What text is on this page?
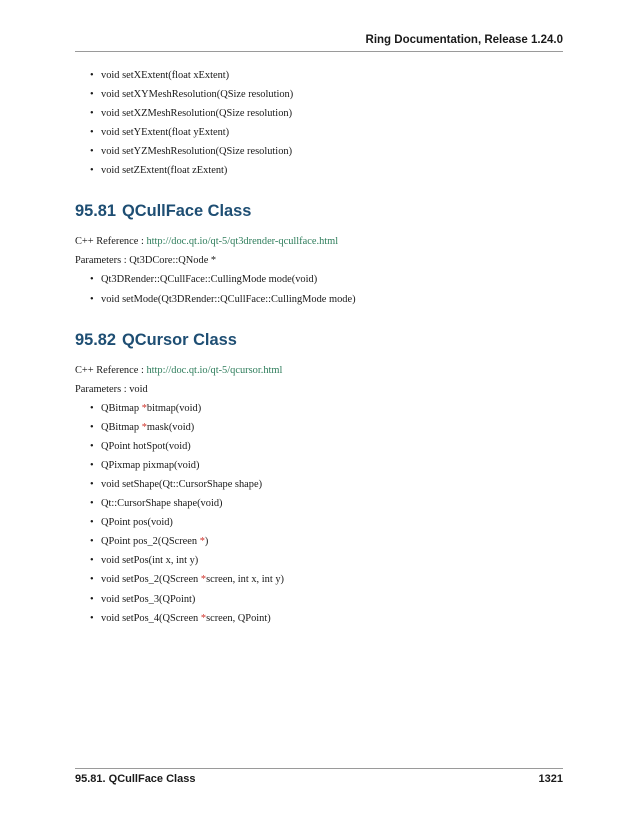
Ring Documentation, Release 1.24.0
• void setXExtent(float xExtent)
• void setXYMeshResolution(QSize resolution)
• void setXZMeshResolution(QSize resolution)
• void setYExtent(float yExtent)
• void setYZMeshResolution(QSize resolution)
• void setZExtent(float zExtent)
95.81 QCullFace Class

C++ Reference : http://doc.qt.io/qt-5/qt3drender-qcullface.html

Parameters : Qt3DCore::QNode *

• Qt3DRender::QCullFace::CullingMode mode(void)
• void setMode(Qt3DRender::QCullFace::CullingMode mode)
95.82 QCursor Class

C++ Reference : http://doc.qt.io/qt-5/qcursor.html

Parameters : void

• QBitmap *bitmap(void)
• QBitmap *mask(void)
• QPoint hotSpot(void)
• QPixmap pixmap(void)
• void setShape(Qt::CursorShape shape)
• Qt::CursorShape shape(void)
• QPoint pos(void)
• QPoint pos_2(QScreen *)
• void setPos(int x, int y)
• void setPos_2(QScreen *screen, int x, int y)
• void setPos_3(QPoint)
• void setPos_4(QScreen *screen, QPoint)
95.81. QCullFace Class	1321
